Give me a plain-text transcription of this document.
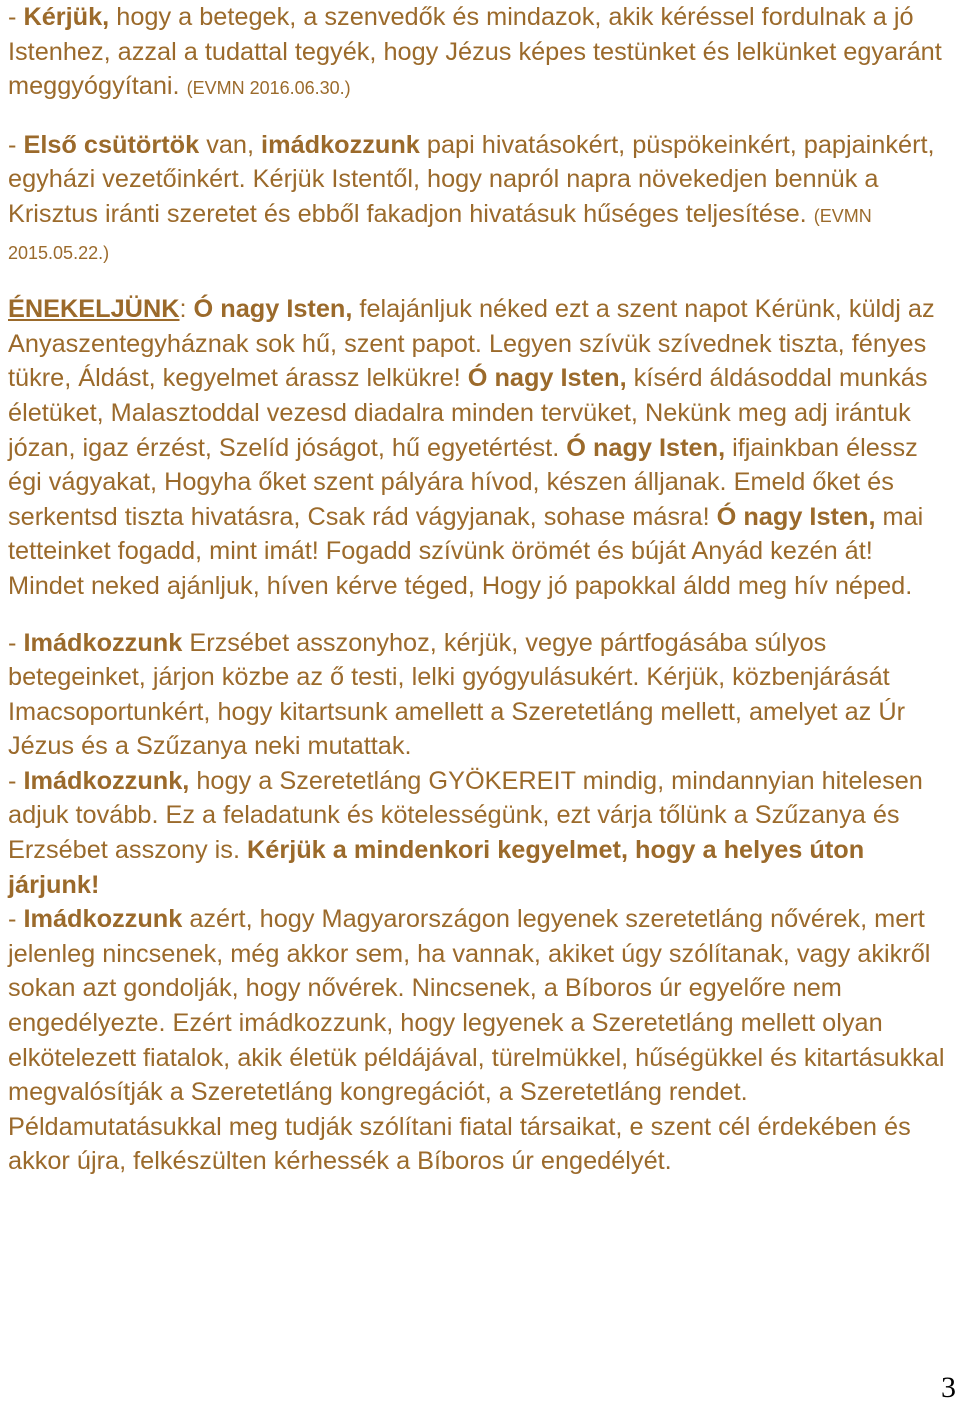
- Kérjük, hogy a betegek, a szenvedők és mindazok, akik kéréssel fordulnak a jó Istenhez, azzal a tudattal tegyék, hogy Jézus képes testünket és lelkünket egyaránt meggyógyítani. (EVMN 2016.06.30.)

- Első csütörtök van, imádkozzunk papi hivatásokért, püspökeinkért, papjainkért, egyházi vezetőinkért. Kérjük Istentől, hogy napról napra növekedjen bennük a Krisztus iránti szeretet és ebből fakadjon hivatásuk hűséges teljesítése. (EVMN 2015.05.22.)

ÉNEKELJÜNK: Ó nagy Isten, felajánljuk néked ezt a szent napot Kérünk, küldj az Anyaszentegyháznak sok hű, szent papot. Legyen szívük szívednek tiszta, fényes tükre, Áldást, kegyelmet árassz lelkükre! Ó nagy Isten, kísérd áldásoddal munkás életüket, Malasztoddal vezesd diadalra minden tervüket, Nekünk meg adj irántuk józan, igaz érzést, Szelíd jóságot, hű egyetértést. Ó nagy Isten, ifjainkban élessz égi vágyakat, Hogyha őket szent pályára hívod, készen álljanak. Emeld őket és serkentsd tiszta hivatásra, Csak rád vágyjanak, sohase másra! Ó nagy Isten, mai tetteinket fogadd, mint imát! Fogadd szívünk örömét és búját Anyád kezén át! Mindet neked ajánljuk, híven kérve téged, Hogy jó papokkal áldd meg hív néped.

- Imádkozzunk Erzsébet asszonyhoz, kérjük, vegye pártfogásába súlyos betegeinket, járjon közbe az ő testi, lelki gyógyulásukért. Kérjük, közbenjárását Imacsoportunkért, hogy kitartsunk amellett a Szeretetláng mellett, amelyet az Úr Jézus és a Szűzanya neki mutattak.

- Imádkozzunk, hogy a Szeretetláng GYÖKEREIT mindig, mindannyian hitelesen adjuk tovább. Ez a feladatunk és kötelességünk, ezt várja tőlünk a Szűzanya és Erzsébet asszony is. Kérjük a mindenkori kegyelmet, hogy a helyes úton járjunk!

- Imádkozzunk azért, hogy Magyarországon legyenek szeretetláng nővérek, mert jelenleg nincsenek, még akkor sem, ha vannak, akiket úgy szólítanak, vagy akikről sokan azt gondolják, hogy nővérek. Nincsenek, a Bíboros úr egyelőre nem engedélyezte. Ezért imádkozzunk, hogy legyenek a Szeretetláng mellett olyan elkötelezett fiatalok, akik életük példájával, türelmükkel, hűségükkel és kitartásukkal megvalósítják a Szeretetláng kongregációt, a Szeretetláng rendet. Példamutatásukkal meg tudják szólítani fiatal társaikat, e szent cél érdekében és akkor újra, felkészülten kérhessék a Bíboros úr engedélyét.

3
